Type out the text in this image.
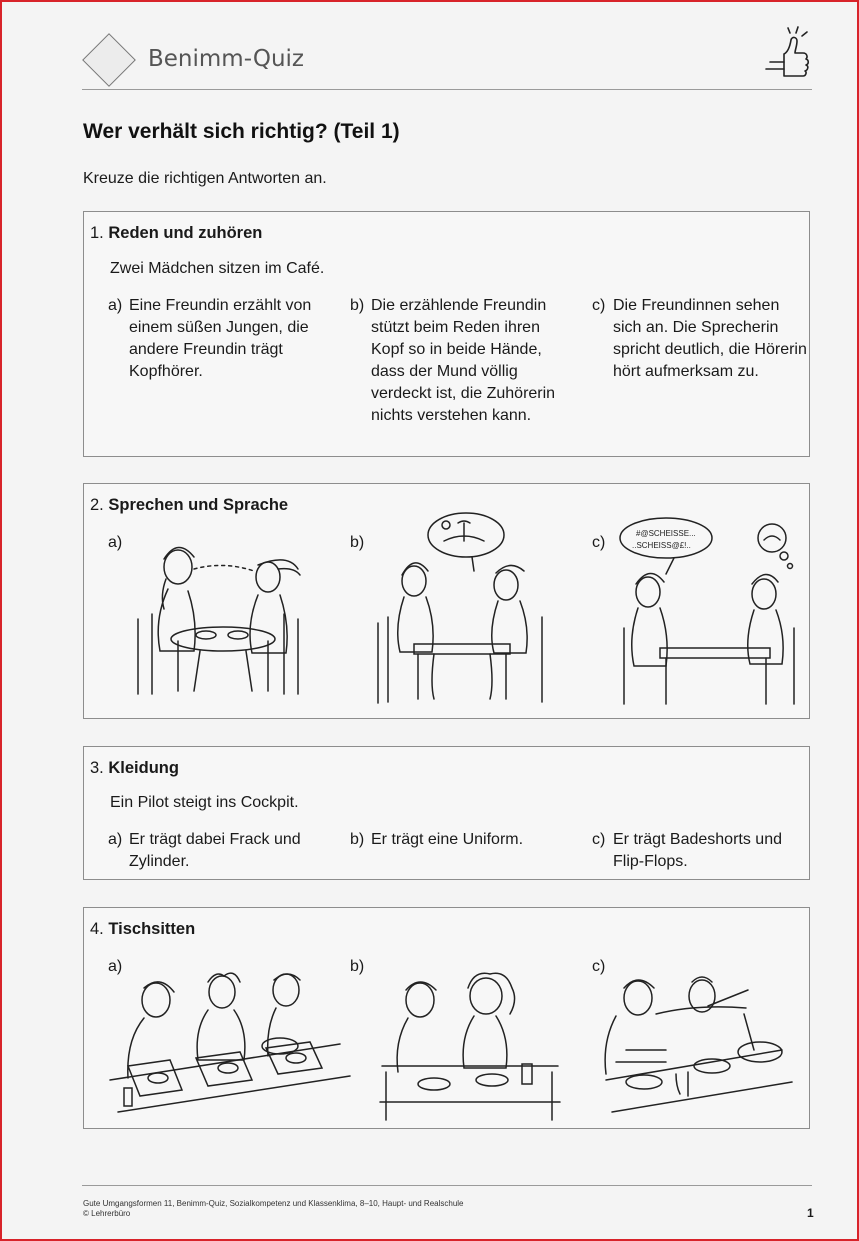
Benimm-Quiz
Wer verhält sich richtig? (Teil 1)
Kreuze die richtigen Antworten an.
1. Reden und zuhören
Zwei Mädchen sitzen im Café.
a) Eine Freundin erzählt von einem süßen Jungen, die andere Freundin trägt Kopfhörer.
b) Die erzählende Freundin stützt beim Reden ihren Kopf so in beide Hände, dass der Mund völlig verdeckt ist, die Zuhörerin nichts verstehen kann.
c) Die Freundinnen sehen sich an. Die Sprecherin spricht deutlich, die Hörerin hört aufmerksam zu.
2. Sprechen und Sprache
a)	b)	c)
#@SCHEISSE...
..SCHEISS@£!..
3. Kleidung
Ein Pilot steigt ins Cockpit.
a) Er trägt dabei Frack und Zylinder.
b) Er trägt eine Uniform.	c) Er trägt Badeshorts und Flip-Flops.
4. Tischsitten
a)	b)	c)
Gute Umgangsformen 11, Benimm-Quiz, Sozialkompetenz und Klassenklima, 8–10, Haupt- und Realschule
© Lehrerbüro	1
